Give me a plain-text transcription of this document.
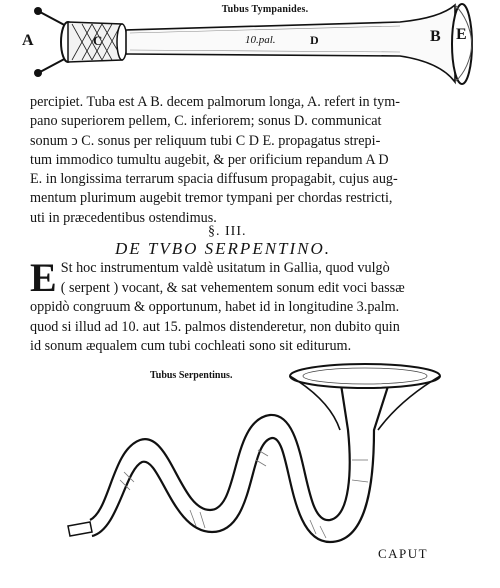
Tubus Tympanides.
10.pal.
A	C	D	B E
percipiet. Tuba est A B. decem palmorum longa, A. refert in tym-
pano superiorem pellem, C. inferiorem; sonus D. communicat
sonum ↄ C. sonus per reliquum tubi C D E. propagatus strepi-
tum immodico tumultu augebit, & per orificium repandum A D
E. in longissima terrarum spacia diffusum propagabit, cujus aug-
mentum plurimum augebit tremor tympani per chordas restricti,
uti in præcedentibus ostendimus.
§. III.
DE TVBO SERPENTINO.
E St hoc instrumentum valdè usitatum in Gallia, quod vulgò
( serpent ) vocant, & sat vehementem sonum edit voci bassæ
oppidò congruum & opportunum, habet id in longitudine 3.palm.
quod si illud ad 10. aut 15. palmos distenderetur, non dubito quin
id sonum æqualem cum tubi cochleati sono sit editurum.
Tubus Serpentinus.
CAPUT
